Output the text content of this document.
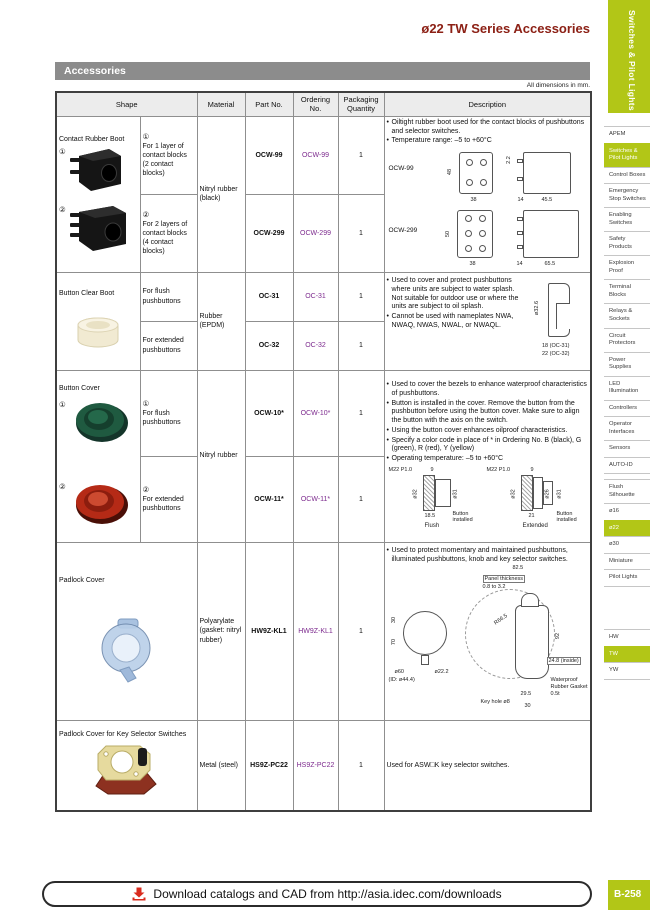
ø22 TW Series Accessories
Accessories
All dimensions in mm.
Shape		Material	Part No.	Ordering No.	Packaging Quantity	Description

Contact Rubber Boot
①
②

①
For 1 layer of contact blocks (2 contact blocks)	Nitryl rubber (black)	OCW-99	OCW-99	1	
• Oiltight rubber boot used for the contact blocks of pushbuttons and selector switches.
• Temperature range: –5 to +60°C
OCW-99
48
38
2.2
14	45.5
OCW-299
50
38	14	65.5

	②
For 2 layers of contact blocks (4 contact blocks)		OCW-299	OCW-299	1	

Button Clear Boot	For flush pushbuttons	Rubber (EPDM)	OC-31	OC-31	1	
• Used to cover and protect pushbuttons where units are subject to water splash. Not suitable for outdoor use or where the units are subject to oil splash.
• Cannot be used with nameplates NWA, NWAQ, NWAS, NWAL, or NWAQL.
ø32.6
18 (OC-31)
22 (OC-32)

	For extended pushbuttons		OC-32	OC-32	1	

Button Cover
①
②

①
For flush pushbuttons	Nitryl rubber	OCW-10*	OCW-10*	1	
• Used to cover the bezels to enhance waterproof characteristics of pushbuttons.
• Button is installed in the cover. Remove the button from the pushbutton before using the button cover. Make sure to align the button with the axis on the switch.
• Using the button cover enhances oilproof characteristics.
• Specify a color code in place of * in Ordering No. B (black), G (green), R (red), Y (yellow)
• Operating temperature: –5 to +60°C
M22 P1.0	9
ø32	ø31
18.5	Button installed
Flush
M22 P1.0	9
ø32	ø26 ø31
21	Button installed
Extended

	②
For extended pushbuttons		OCW-11*	OCW-11*	1	

Padlock Cover
	Polyarylate (gasket: nitryl rubber)	HW9Z-KL1	HW9Z-KL1	1	
• Used to protect momentary and maintained pushbuttons, illuminated pushbuttons, knob and key selector switches.
30
70
ø60
(ID: ø44.4)
ø22.2
82.5
Panel thickness
0.8 to 3.2
R66.5
92
24.8 (inside)
Waterproof
Rubber Gasket
0.5t
Key hole ø8
29.5
30

Padlock Cover for Key Selector Switches		Metal (steel)	HS9Z-PC22	HS9Z-PC22	1	Used for ASW□K key selector switches.
Switches & Pilot Lights
APEM
Switches & Pilot Lights
Control Boxes
Emergency Stop Switches
Enabling Switches
Safety Products
Explosion Proof
Terminal Blocks
Relays & Sockets
Circuit Protectors
Power Supplies
LED Illumination
Controllers
Operator Interfaces
Sensors
AUTO-ID
Flush Silhouette
ø16
ø22
ø30
Miniature
Pilot Lights
HW
TW
YW
B-258
Download catalogs and CAD from http://asia.idec.com/downloads
